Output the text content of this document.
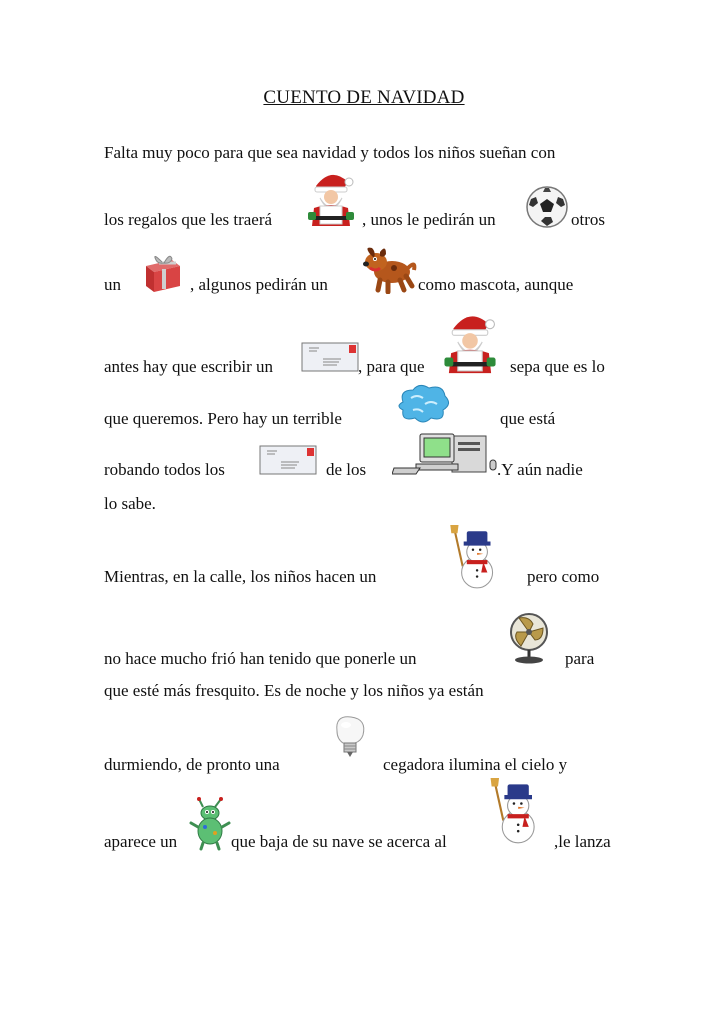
CUENTO DE NAVIDAD
Falta muy poco para que sea navidad y todos los niños sueñan con
los regalos que les traerá	, unos le pedirán un	otros
un	, algunos pedirán un	como mascota, aunque
antes hay que escribir un	, para que	sepa que es lo
que queremos. Pero hay un terrible	que está
robando todos los	de los	.Y aún nadie
lo sabe.
Mientras, en la calle, los niños hacen un	pero como
no hace mucho frió han tenido que ponerle un	para
que esté más fresquito. Es de noche y los niños ya están
durmiendo, de pronto una	cegadora ilumina el cielo y
aparece un	que baja de su nave se acerca al	,le lanza
